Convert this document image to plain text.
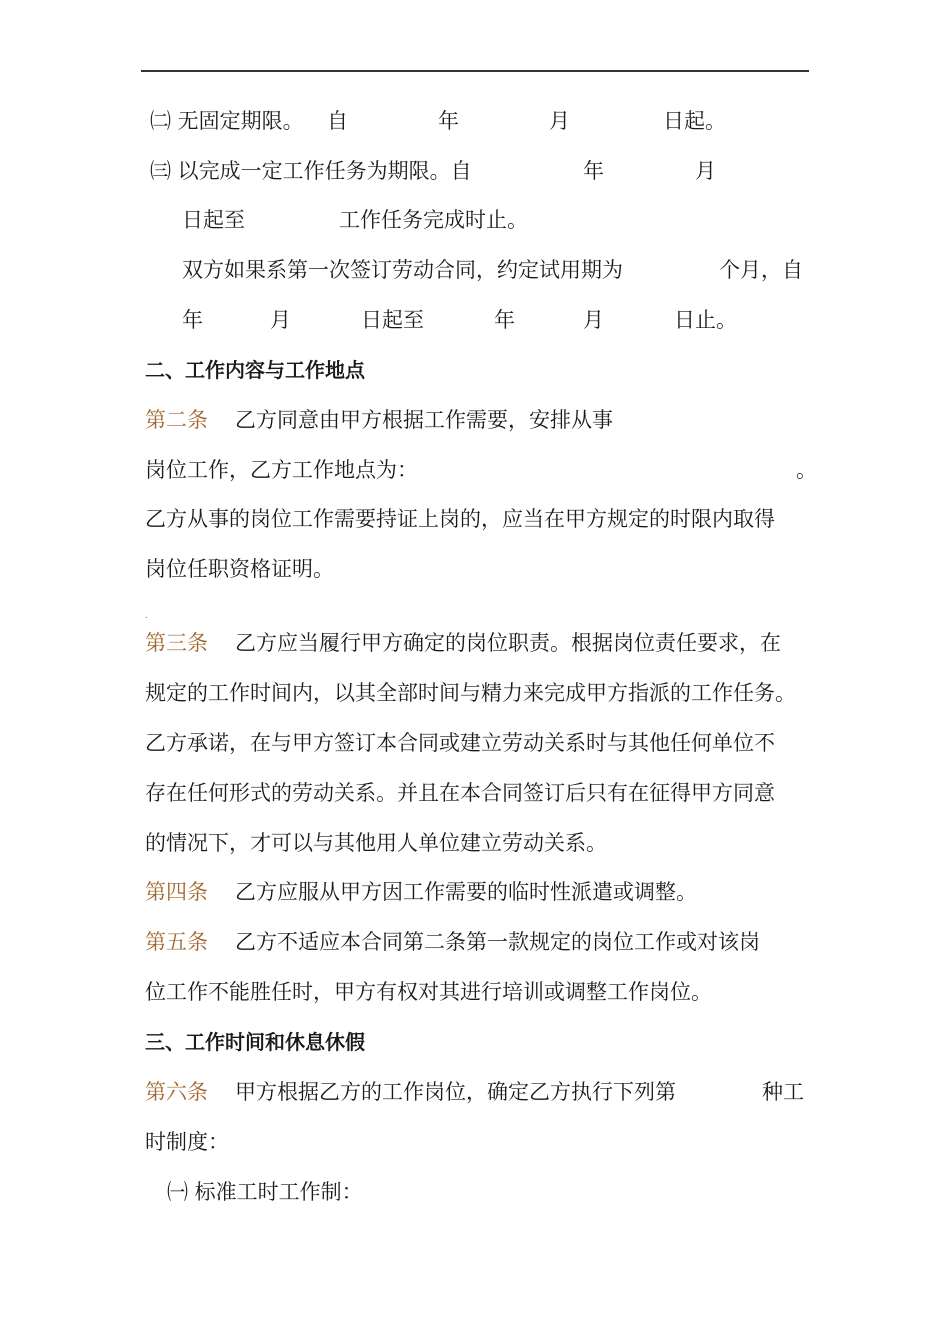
㈡ 无固定期限。 自	年	月	日起。
㈢ 以完成一定工作任务为期限。自	年	月
日起至	工作任务完成时止。
双方如果系第一次签订劳动合同，约定试用期为	个月，自
年	月	日起至	年	月	日止。
二、工作内容与工作地点
第二条 乙方同意由甲方根据工作需要，安排从事
岗位工作，乙方工作地点为：	。
乙方从事的岗位工作需要持证上岗的，应当在甲方规定的时限内取得
岗位任职资格证明。
.
第三条 乙方应当履行甲方确定的岗位职责。根据岗位责任要求，在
规定的工作时间内，以其全部时间与精力来完成甲方指派的工作任务。
乙方承诺，在与甲方签订本合同或建立劳动关系时与其他任何单位不
存在任何形式的劳动关系。并且在本合同签订后只有在征得甲方同意
的情况下，才可以与其他用人单位建立劳动关系。
第四条 乙方应服从甲方因工作需要的临时性派遣或调整。
第五条 乙方不适应本合同第二条第一款规定的岗位工作或对该岗
位工作不能胜任时，甲方有权对其进行培训或调整工作岗位。
三、工作时间和休息休假
第六条 甲方根据乙方的工作岗位，确定乙方执行下列第	种工
时制度：
㈠ 标准工时工作制：
